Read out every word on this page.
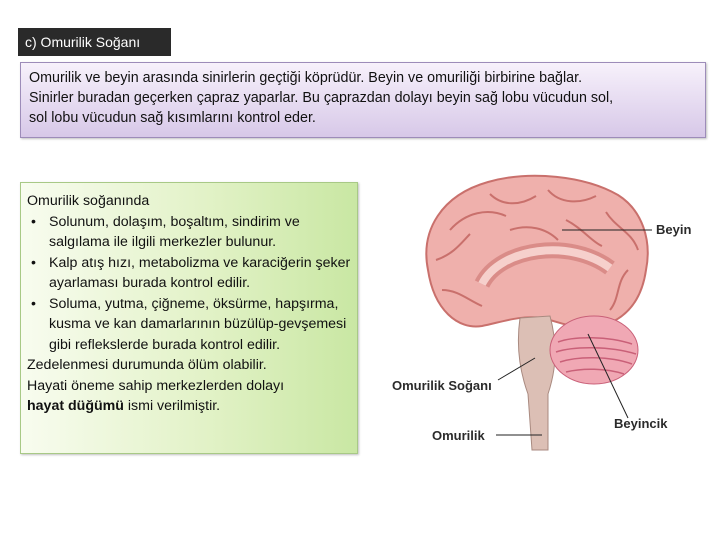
c) Omurilik Soğanı

Omurilik ve beyin arasında sinirlerin geçtiği köprüdür. Beyin ve omuriliği birbirine bağlar.

Sinirler buradan geçerken çapraz yaparlar. Bu çaprazdan dolayı beyin sağ lobu vücudun sol,

sol lobu vücudun sağ kısımlarını kontrol eder.

Omurilik soğanında

• Solunum, dolaşım, boşaltım, sindirim ve salgılama ile ilgili merkezler bulunur.
• Kalp atış hızı, metabolizma ve karaciğerin şeker ayarlaması burada kontrol edilir.
• Soluma, yutma, çiğneme, öksürme, hapşırma, kusma ve kan damarlarının büzülüp-gevşemesi gibi reflekslerde burada kontrol edilir.

Zedelenmesi durumunda ölüm olabilir.

Hayati öneme sahip merkezlerden dolayı
hayat düğümü ismi verilmiştir.

Beyin
Omurilik Soğanı
Beyincik
Omurilik
